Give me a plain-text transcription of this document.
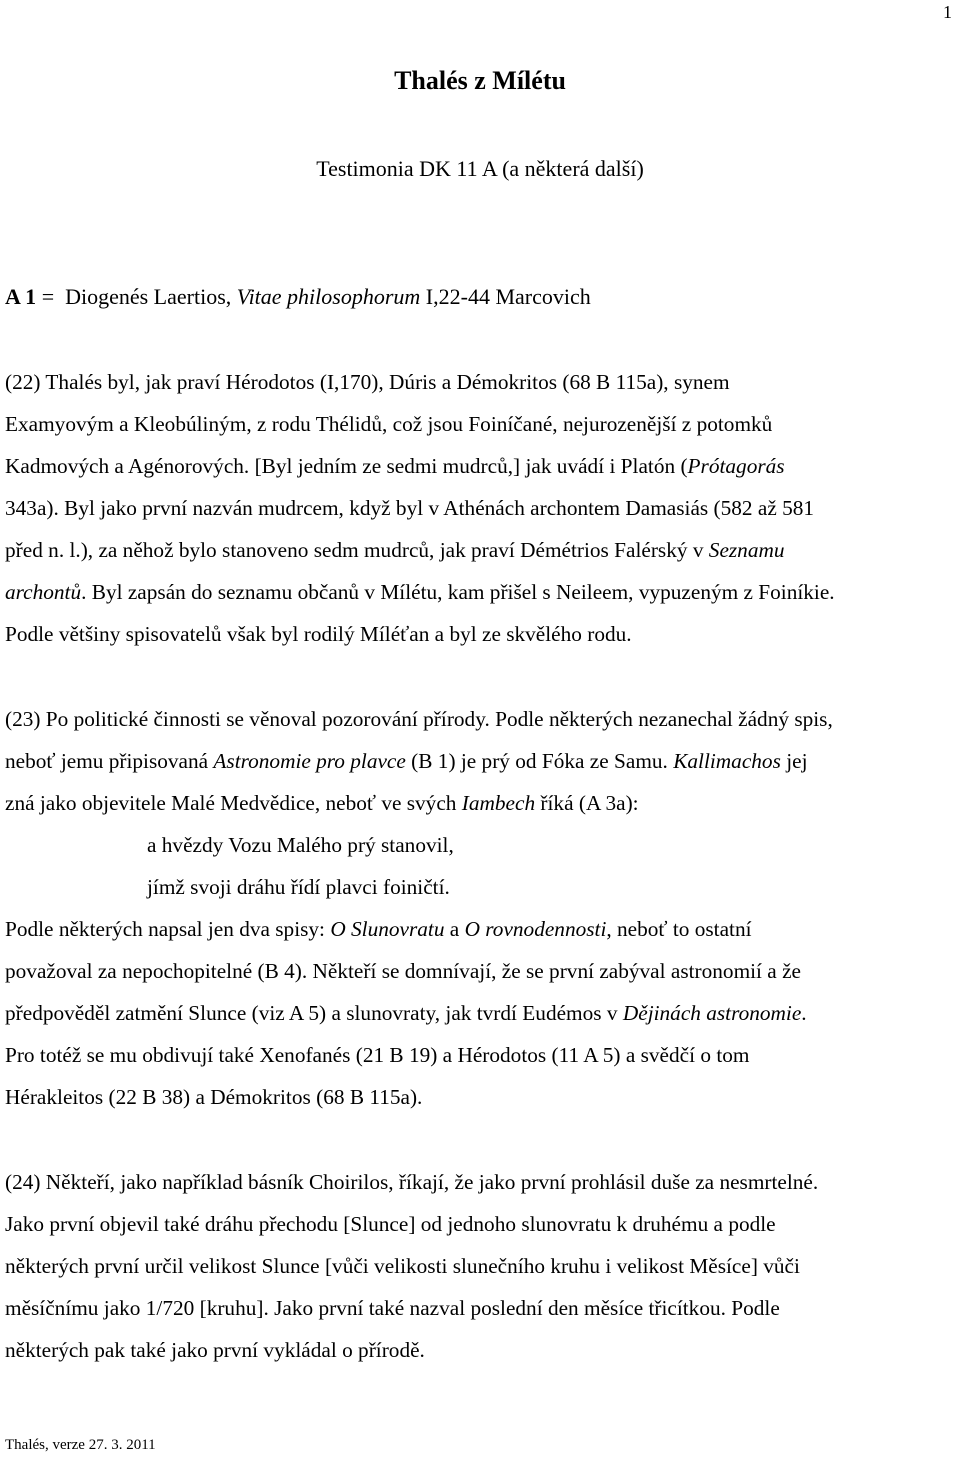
1
Thalés z Mílétu
Testimonia DK 11 A (a některá další)
A 1 =  Diogenés Laertios, Vitae philosophorum I,22-44 Marcovich
(22) Thalés byl, jak praví Hérodotos (I,170), Dúris a Démokritos (68 B 115a), synem
Examyovým a Kleobúliným, z rodu Thélidů, což jsou Foiníčané, nejurozenější z potomků
Kadmových a Agénorových. [Byl jedním ze sedmi mudrců,] jak uvádí i Platón (Prótagorás
343a). Byl jako první nazván mudrcem, když byl v Athénách archontem Damasiás (582 až 581
před n. l.), za něhož bylo stanoveno sedm mudrců, jak praví Démétrios Falérský v Seznamu
archontů. Byl zapsán do seznamu občanů v Mílétu, kam přišel s Neileem, vypuzeným z Foiníkie.
Podle většiny spisovatelů však byl rodilý Míléťan a byl ze skvělého rodu.
(23) Po politické činnosti se věnoval pozorování přírody. Podle některých nezanechal žádný spis,
neboť jemu připisovaná Astronomie pro plavce (B 1) je prý od Fóka ze Samu. Kallimachos jej
zná jako objevitele Malé Medvědice, neboť ve svých Iambech říká (A 3a):
a hvězdy Vozu Malého prý stanovil,
jímž svoji dráhu řídí plavci foiničtí.
Podle některých napsal jen dva spisy: O Slunovratu a O rovnodennosti, neboť to ostatní
považoval za nepochopitelné (B 4). Někteří se domnívají, že se první zabýval astronomií a že
předpověděl zatmění Slunce (viz A 5) a slunovraty, jak tvrdí Eudémos v Dějinách astronomie.
Pro totéž se mu obdivují také Xenofanés (21 B 19) a Hérodotos (11 A 5) a svědčí o tom
Hérakleitos (22 B 38) a Démokritos (68 B 115a).
(24) Někteří, jako například básník Choirilos, říkají, že jako první prohlásil duše za nesmrtelné.
Jako první objevil také dráhu přechodu [Slunce] od jednoho slunovratu k druhému a podle
některých první určil velikost Slunce [vůči velikosti slunečního kruhu i velikost Měsíce] vůči
měsíčnímu jako 1/720 [kruhu]. Jako první také nazval poslední den měsíce třicítkou. Podle
některých pak také jako první vykládal o přírodě.
Thalés, verze 27. 3. 2011
